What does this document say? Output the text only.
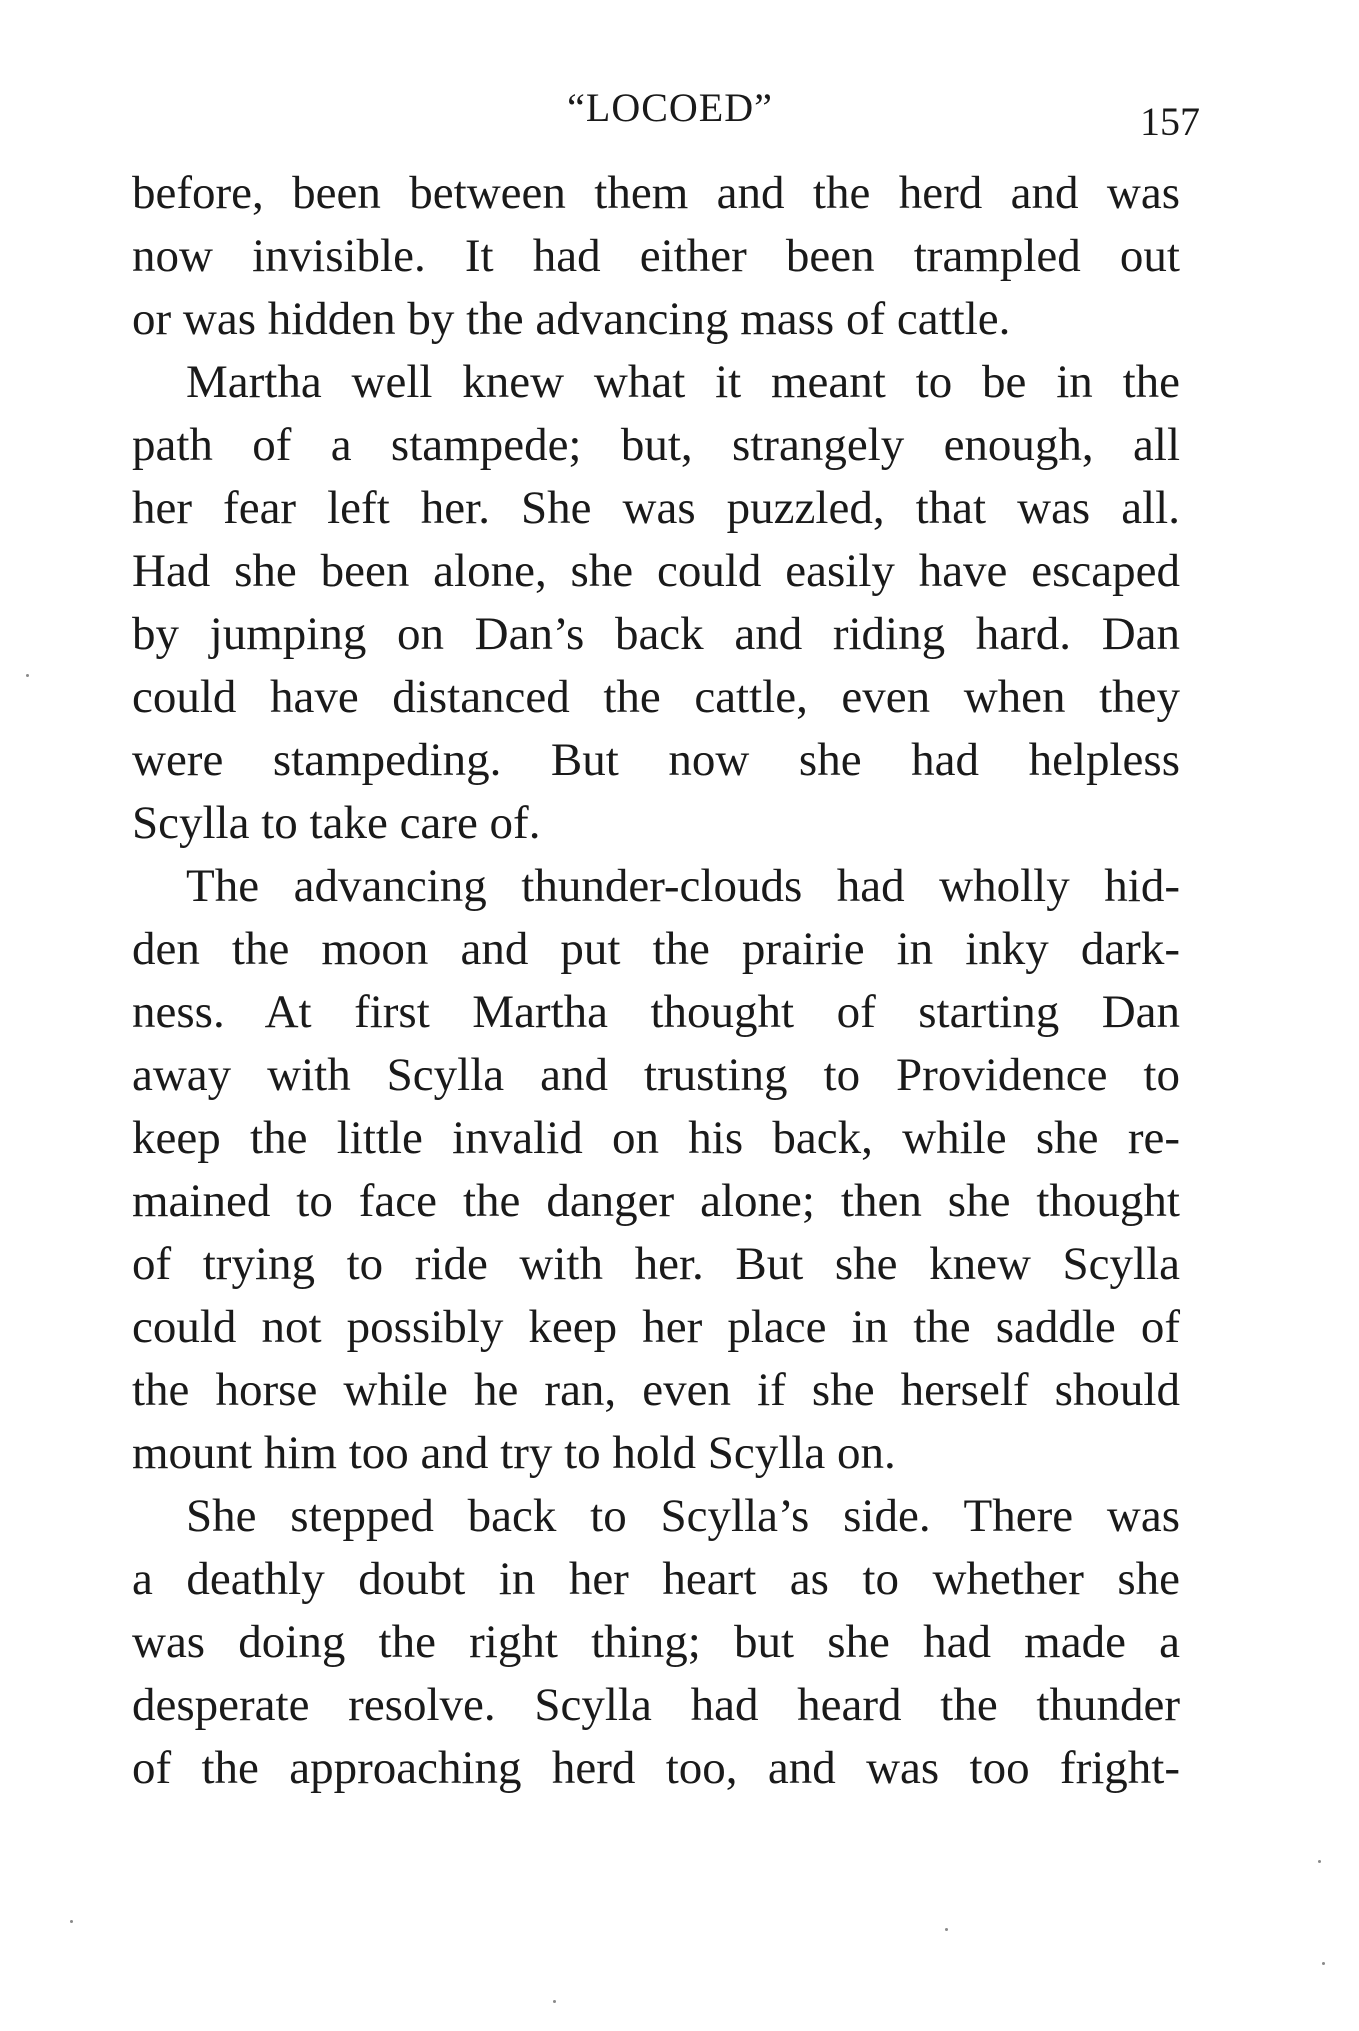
“LOCOED”	157
before, been between them and the herd and was
now invisible. It had either been trampled out
or was hidden by the advancing mass of cattle.
Martha well knew what it meant to be in the
path of a stampede; but, strangely enough, all
her fear left her. She was puzzled, that was all.
Had she been alone, she could easily have escaped
by jumping on Dan’s back and riding hard. Dan
could have distanced the cattle, even when they
were stampeding. But now she had helpless
Scylla to take care of.
The advancing thunder-clouds had wholly hid-
den the moon and put the prairie in inky dark-
ness. At first Martha thought of starting Dan
away with Scylla and trusting to Providence to
keep the little invalid on his back, while she re-
mained to face the danger alone; then she thought
of trying to ride with her. But she knew Scylla
could not possibly keep her place in the saddle of
the horse while he ran, even if she herself should
mount him too and try to hold Scylla on.
She stepped back to Scylla’s side. There was
a deathly doubt in her heart as to whether she
was doing the right thing; but she had made a
desperate resolve. Scylla had heard the thunder
of the approaching herd too, and was too fright-
